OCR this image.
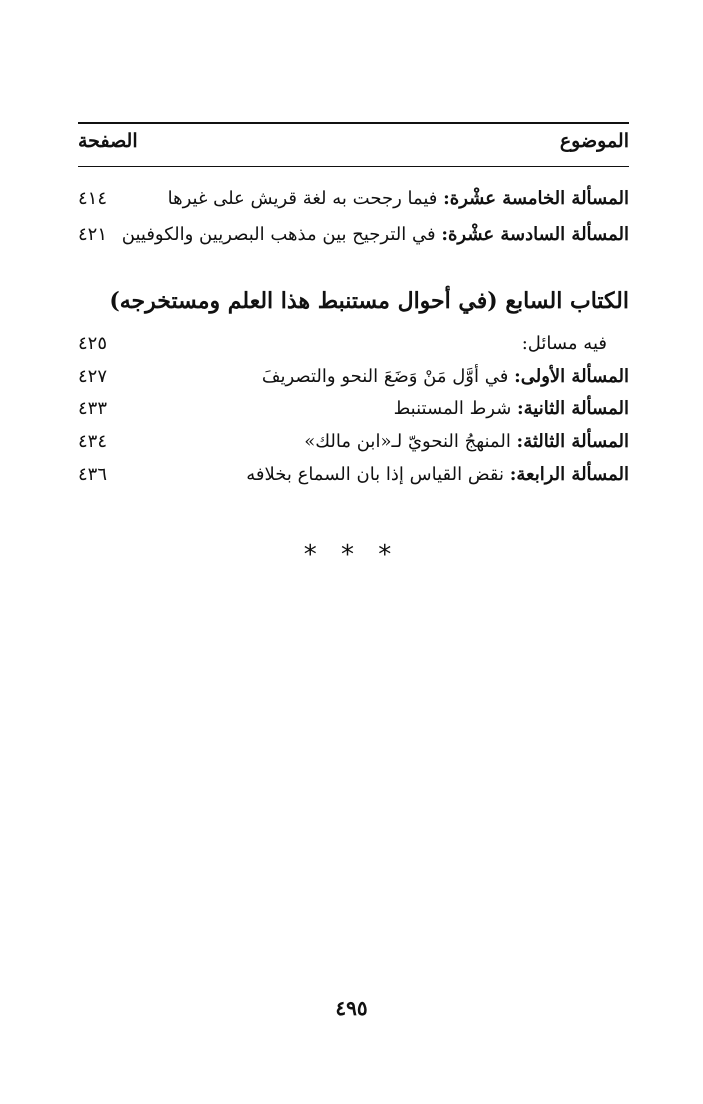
الموضوع
الصفحة
المسألة الخامسة عشْرة: فيما رجحت به لغة قريش على غيرها
٤١٤
المسألة السادسة عشْرة: في الترجيح بين مذهب البصريين والكوفيين
٤٢١
الكتاب السابع (في أحوال مستنبط هذا العلم ومستخرجه)
فيه مسائل:
٤٢٥
المسألة الأولى: في أوَّل مَنْ وَضَعَ النحو والتصريفَ
٤٢٧
المسألة الثانية: شرط المستنبط
٤٣٣
المسألة الثالثة: المنهجُ النحويّ لـ«ابن مالك»
٤٣٤
المسألة الرابعة: نقض القياس إذا بان السماع بخلافه
٤٣٦
* * *
٤٩٥
